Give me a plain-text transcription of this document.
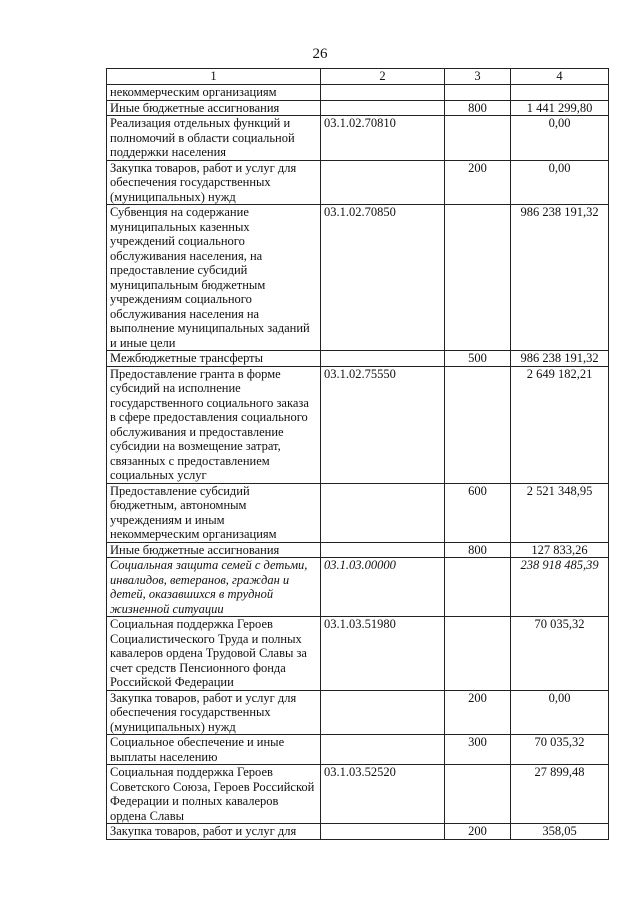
26
1	2	3	4
некоммерческим организациям			
Иные бюджетные ассигнования		800	1 441 299,80
Реализация отдельных функций и полномочий в области социальной поддержки населения	03.1.02.70810		0,00
Закупка товаров, работ и услуг для обеспечения государственных (муниципальных) нужд		200	0,00
Субвенция на содержание муниципальных казенных учреждений социального обслуживания населения, на предоставление субсидий муниципальным бюджетным учреждениям социального обслуживания населения на выполнение муниципальных заданий и иные цели	03.1.02.70850		986 238 191,32
Межбюджетные трансферты		500	986 238 191,32
Предоставление гранта в форме субсидий на исполнение государственного социального заказа в сфере предоставления социального обслуживания и предоставление субсидии на возмещение затрат, связанных с предоставлением социальных услуг	03.1.02.75550		2 649 182,21
Предоставление субсидий бюджетным, автономным учреждениям и иным некоммерческим организациям		600	2 521 348,95
Иные бюджетные ассигнования		800	127 833,26
Социальная защита семей с детьми, инвалидов, ветеранов, граждан и детей, оказавшихся в трудной жизненной ситуации	03.1.03.00000		238 918 485,39
Социальная поддержка Героев Социалистического Труда и полных кавалеров ордена Трудовой Славы за счет средств Пенсионного фонда Российской Федерации	03.1.03.51980		70 035,32
Закупка товаров, работ и услуг для обеспечения государственных (муниципальных) нужд		200	0,00
Социальное обеспечение и иные выплаты населению		300	70 035,32
Социальная поддержка Героев Советского Союза, Героев Российской Федерации и полных кавалеров ордена Славы	03.1.03.52520		27 899,48
Закупка товаров, работ и услуг для		200	358,05
